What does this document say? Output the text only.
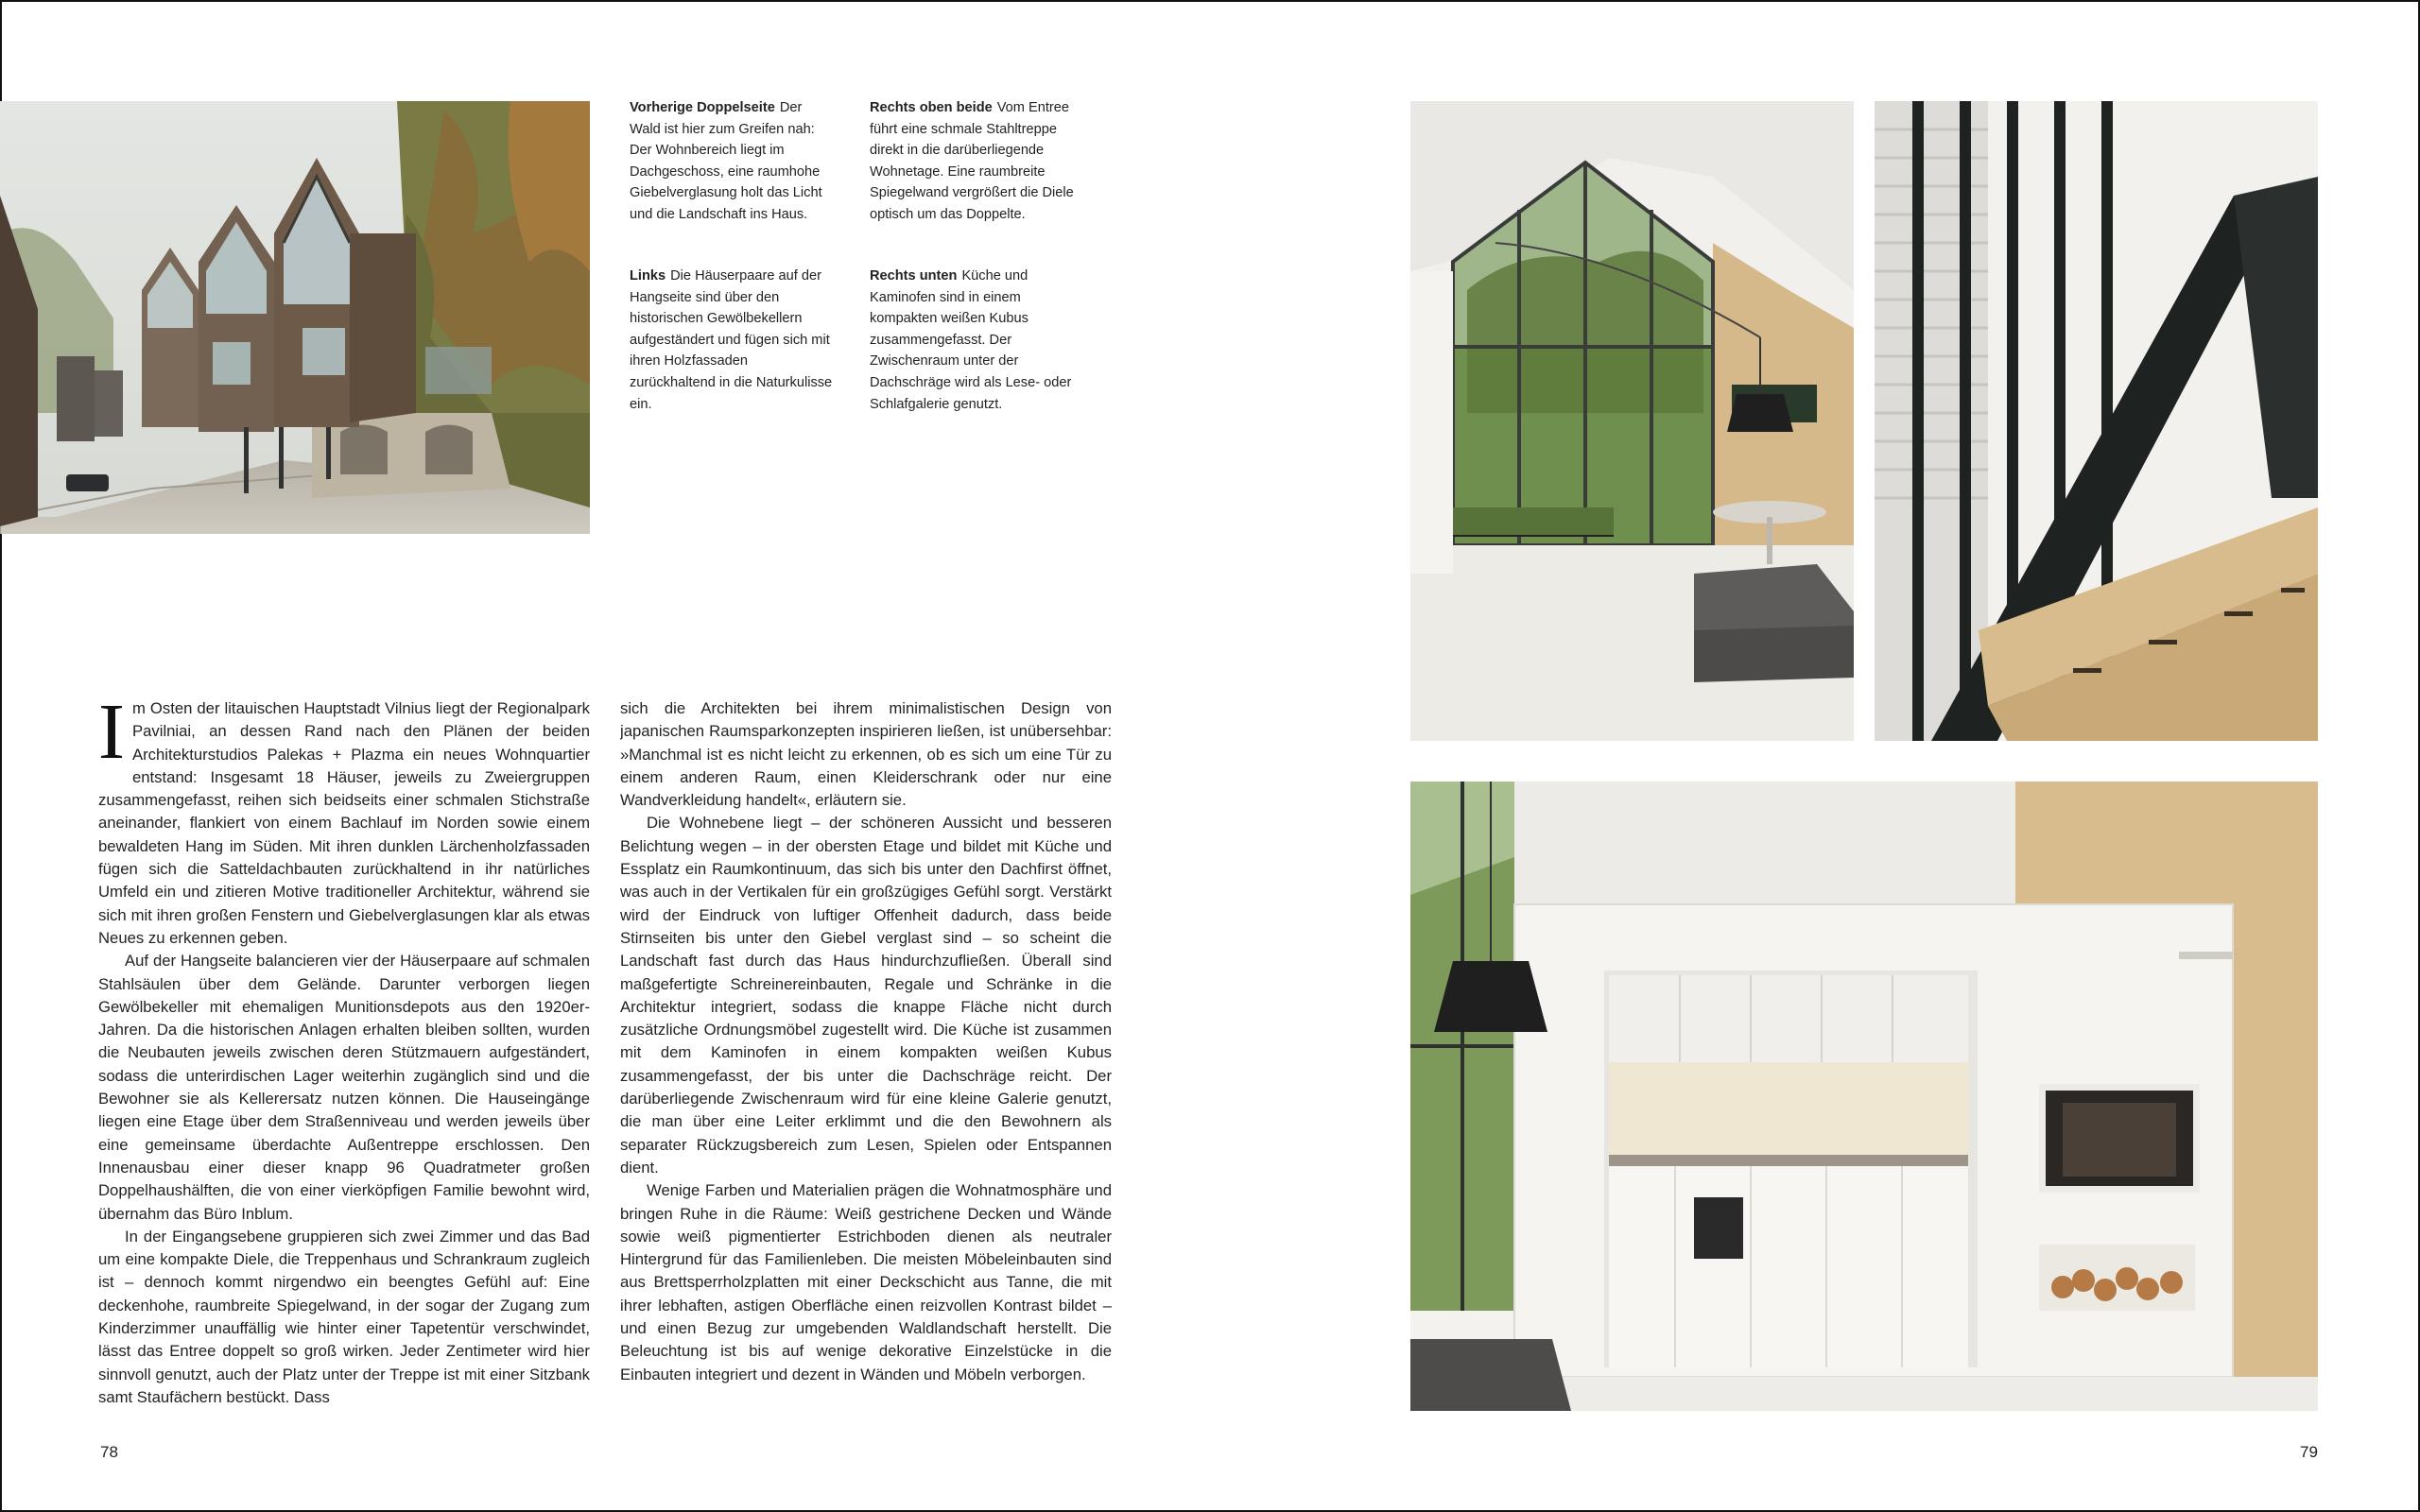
Vorherige Doppelseite Der Wald ist hier zum Greifen nah: Der Wohnbereich liegt im Dachgeschoss, eine raumhohe Giebelverglasung holt das Licht und die Landschaft ins Haus.

Links Die Häuserpaare auf der Hangseite sind über den historischen Gewölbekellern aufgeständert und fügen sich mit ihren Holzfassaden zurückhaltend in die Naturkulisse ein.

Rechts oben beide Vom Entree führt eine schmale Stahltreppe direkt in die darüberliegende Wohnetage. Eine raumbreite Spiegelwand vergrößert die Diele optisch um das Doppelte.

Rechts unten Küche und Kaminofen sind in einem kompakten weißen Kubus zusammengefasst. Der Zwischenraum unter der Dachschräge wird als Lese- oder Schlafgalerie genutzt.

Im Osten der litauischen Hauptstadt Vilnius liegt der Regionalpark Pavilniai, an dessen Rand nach den Plänen der beiden Architekturstudios Palekas + Plazma ein neues Wohnquartier entstand: Insgesamt 18 Häuser, jeweils zu Zweiergruppen zusammengefasst, reihen sich beidseits einer schmalen Stichstraße aneinander, flankiert von einem Bachlauf im Norden sowie einem bewaldeten Hang im Süden. Mit ihren dunklen Lärchenholzfassaden fügen sich die Satteldachbauten zurückhaltend in ihr natürliches Umfeld ein und zitieren Motive traditioneller Architektur, während sie sich mit ihren großen Fenstern und Giebelverglasungen klar als etwas Neues zu erkennen geben.

Auf der Hangseite balancieren vier der Häuserpaare auf schmalen Stahlsäulen über dem Gelände. Darunter verborgen liegen Gewölbekeller mit ehemaligen Munitionsdepots aus den 1920er-Jahren. Da die historischen Anlagen erhalten bleiben sollten, wurden die Neubauten jeweils zwischen deren Stützmauern aufgeständert, sodass die unterirdischen Lager weiterhin zugänglich sind und die Bewohner sie als Kellerersatz nutzen können. Die Hauseingänge liegen eine Etage über dem Straßenniveau und werden jeweils über eine gemeinsame überdachte Außentreppe erschlossen. Den Innenausbau einer dieser knapp 96 Quadratmeter großen Doppelhaushälften, die von einer vierköpfigen Familie bewohnt wird, übernahm das Büro Inblum.

In der Eingangsebene gruppieren sich zwei Zimmer und das Bad um eine kompakte Diele, die Treppenhaus und Schrankraum zugleich ist – dennoch kommt nirgendwo ein beengtes Gefühl auf: Eine deckenhohe, raumbreite Spiegelwand, in der sogar der Zugang zum Kinderzimmer unauffällig wie hinter einer Tapetentür verschwindet, lässt das Entree doppelt so groß wirken. Jeder Zentimeter wird hier sinnvoll genutzt, auch der Platz unter der Treppe ist mit einer Sitzbank samt Staufächern bestückt. Dass

sich die Architekten bei ihrem minimalistischen Design von japanischen Raumsparkonzepten inspirieren ließen, ist unübersehbar: »Manchmal ist es nicht leicht zu erkennen, ob es sich um eine Tür zu einem anderen Raum, einen Kleiderschrank oder nur eine Wandverkleidung handelt«, erläutern sie.

Die Wohnebene liegt – der schöneren Aussicht und besseren Belichtung wegen – in der obersten Etage und bildet mit Küche und Essplatz ein Raumkontinuum, das sich bis unter den Dachfirst öffnet, was auch in der Vertikalen für ein großzügiges Gefühl sorgt. Verstärkt wird der Eindruck von luftiger Offenheit dadurch, dass beide Stirnseiten bis unter den Giebel verglast sind – so scheint die Landschaft fast durch das Haus hindurchzufließen. Überall sind maßgefertigte Schreinereinbauten, Regale und Schränke in die Architektur integriert, sodass die knappe Fläche nicht durch zusätzliche Ordnungsmöbel zugestellt wird. Die Küche ist zusammen mit dem Kaminofen in einem kompakten weißen Kubus zusammengefasst, der bis unter die Dachschräge reicht. Der darüberliegende Zwischenraum wird für eine kleine Galerie genutzt, die man über eine Leiter erklimmt und die den Bewohnern als separater Rückzugsbereich zum Lesen, Spielen oder Entspannen dient.

Wenige Farben und Materialien prägen die Wohnatmosphäre und bringen Ruhe in die Räume: Weiß gestrichene Decken und Wände sowie weiß pigmentierter Estrichboden dienen als neutraler Hintergrund für das Familienleben. Die meisten Möbeleinbauten sind aus Brettsperrholzplatten mit einer Deckschicht aus Tanne, die mit ihrer lebhaften, astigen Oberfläche einen reizvollen Kontrast bildet – und einen Bezug zur umgebenden Waldlandschaft herstellt. Die Beleuchtung ist bis auf wenige dekorative Einzelstücke in die Einbauten integriert und dezent in Wänden und Möbeln verborgen.

78	79
